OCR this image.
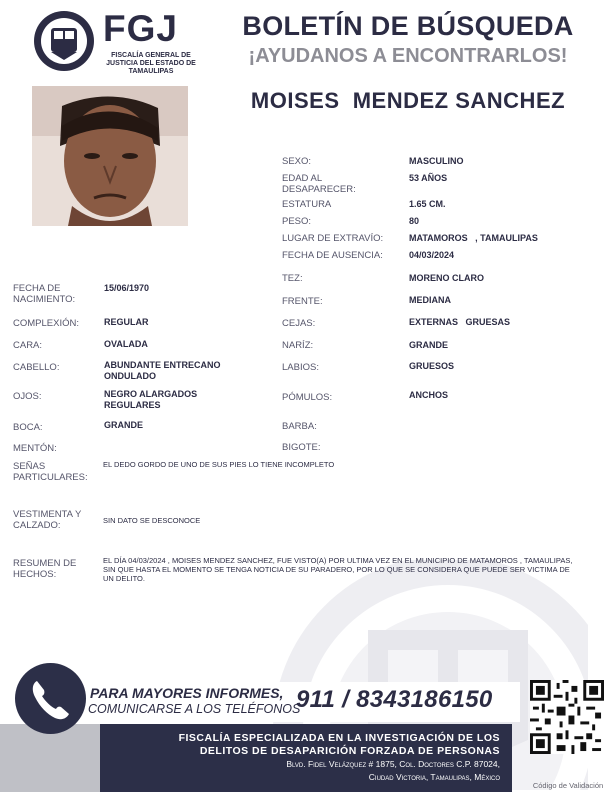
FGJ
FISCALÍA GENERAL DE JUSTICIA DEL ESTADO DE TAMAULIPAS
BOLETÍN DE BÚSQUEDA
¡AYUDANOS A ENCONTRARLOS!
MOISES  MENDEZ SANCHEZ
SEXO:	MASCULINO
EDAD AL DESAPARECER:
53 AÑOS
ESTATURA	1.65 CM.
PESO:	80
LUGAR DE EXTRAVÍO:	MATAMOROS   , TAMAULIPAS
FECHA DE AUSENCIA:	04/03/2024
TEZ:	MORENO CLARO
FRENTE:	MEDIANA
CEJAS:	EXTERNAS   GRUESAS
NARÍZ:	GRANDE
LABIOS:	GRUESOS
PÓMULOS:	ANCHOS
BARBA:
BIGOTE:
FECHA DE NACIMIENTO:
15/06/1970
COMPLEXIÓN:	REGULAR
CARA:	OVALADA
CABELLO:	ABUNDANTE ENTRECANO ONDULADO
OJOS:	NEGRO ALARGADOS REGULARES
BOCA:	GRANDE
MENTÓN:
SEÑAS PARTICULARES:
EL DEDO GORDO DE UNO DE SUS PIES LO TIENE INCOMPLETO
VESTIMENTA Y CALZADO:	SIN DATO SE DESCONOCE
RESUMEN DE HECHOS:
EL DÍA 04/03/2024 , MOISES MENDEZ SANCHEZ, FUE VISTO(A) POR ULTIMA VEZ EN EL MUNICIPIO DE MATAMOROS , TAMAULIPAS, SIN QUE HASTA EL MOMENTO SE TENGA NOTICIA DE SU PARADERO, POR LO QUE SE CONSIDERA QUE PUEDE SER VICTIMA DE UN DELITO.
PARA MAYORES INFORMES,
COMUNICARSE A LOS TELÉFONOS
911 / 8343186150
FISCALÍA ESPECIALIZADA EN LA INVESTIGACIÓN DE LOS
DELITOS DE DESAPARICIÓN FORZADA DE PERSONAS
Blvd. Fidel Velázquez # 1875, Col. Doctores C.P. 87024,
Ciudad Victoria, Tamaulipas, México
Código de Validación
